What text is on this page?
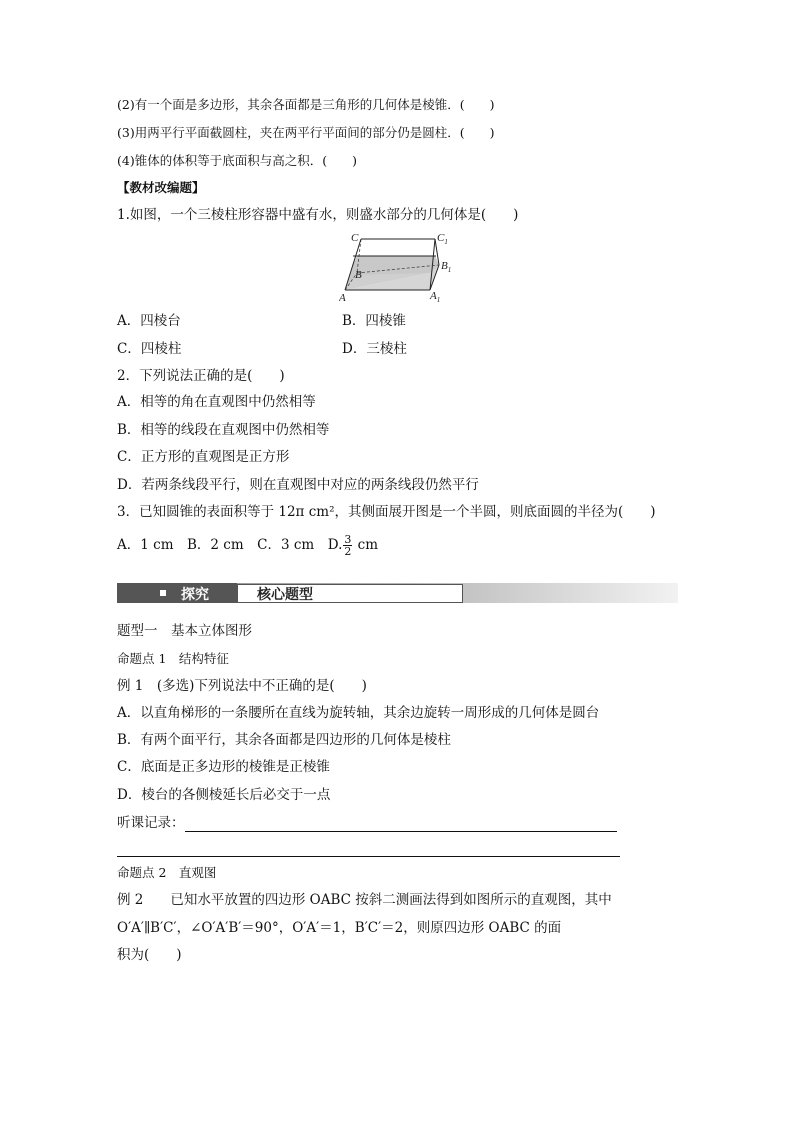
(2)有一个面是多边形，其余各面都是三角形的几何体是棱锥．(　　)
(3)用两平行平面截圆柱，夹在两平行平面间的部分仍是圆柱．(　　)
(4)锥体的体积等于底面积与高之积．(　　)
【教材改编题】
1.如图，一个三棱柱形容器中盛有水，则盛水部分的几何体是(　　)
C	$C_1$
B
$B_1$
A	$A_1$
A．四棱台	B．四棱锥
C．四棱柱	D．三棱柱
2．下列说法正确的是(　　)
A．相等的角在直观图中仍然相等
B．相等的线段在直观图中仍然相等
C．正方形的直观图是正方形
D．若两条线段平行，则在直观图中对应的两条线段仍然平行
3．已知圆锥的表面积等于 12π cm²，其侧面展开图是一个半圆，则底面圆的半径为(　　)
A．1 cm　B．2 cm　C．3 cm　D. $\frac{3}{2}$ cm
探究	核心题型
题型一　基本立体图形
命题点 1　结构特征
例 1　(多选)下列说法中不正确的是(　　)
A．以直角梯形的一条腰所在直线为旋转轴，其余边旋转一周形成的几何体是圆台
B．有两个面平行，其余各面都是四边形的几何体是棱柱
C．底面是正多边形的棱锥是正棱锥
D．棱台的各侧棱延长后必交于一点
听课记录：
命题点 2　直观图
例 2　　已知水平放置的四边形 OABC 按斜二测画法得到如图所示的直观图，其中
O′A′∥B′C′，∠O′A′B′＝90°，O′A′＝1，B′C′＝2，则原四边形 OABC 的面
积为(　　)
